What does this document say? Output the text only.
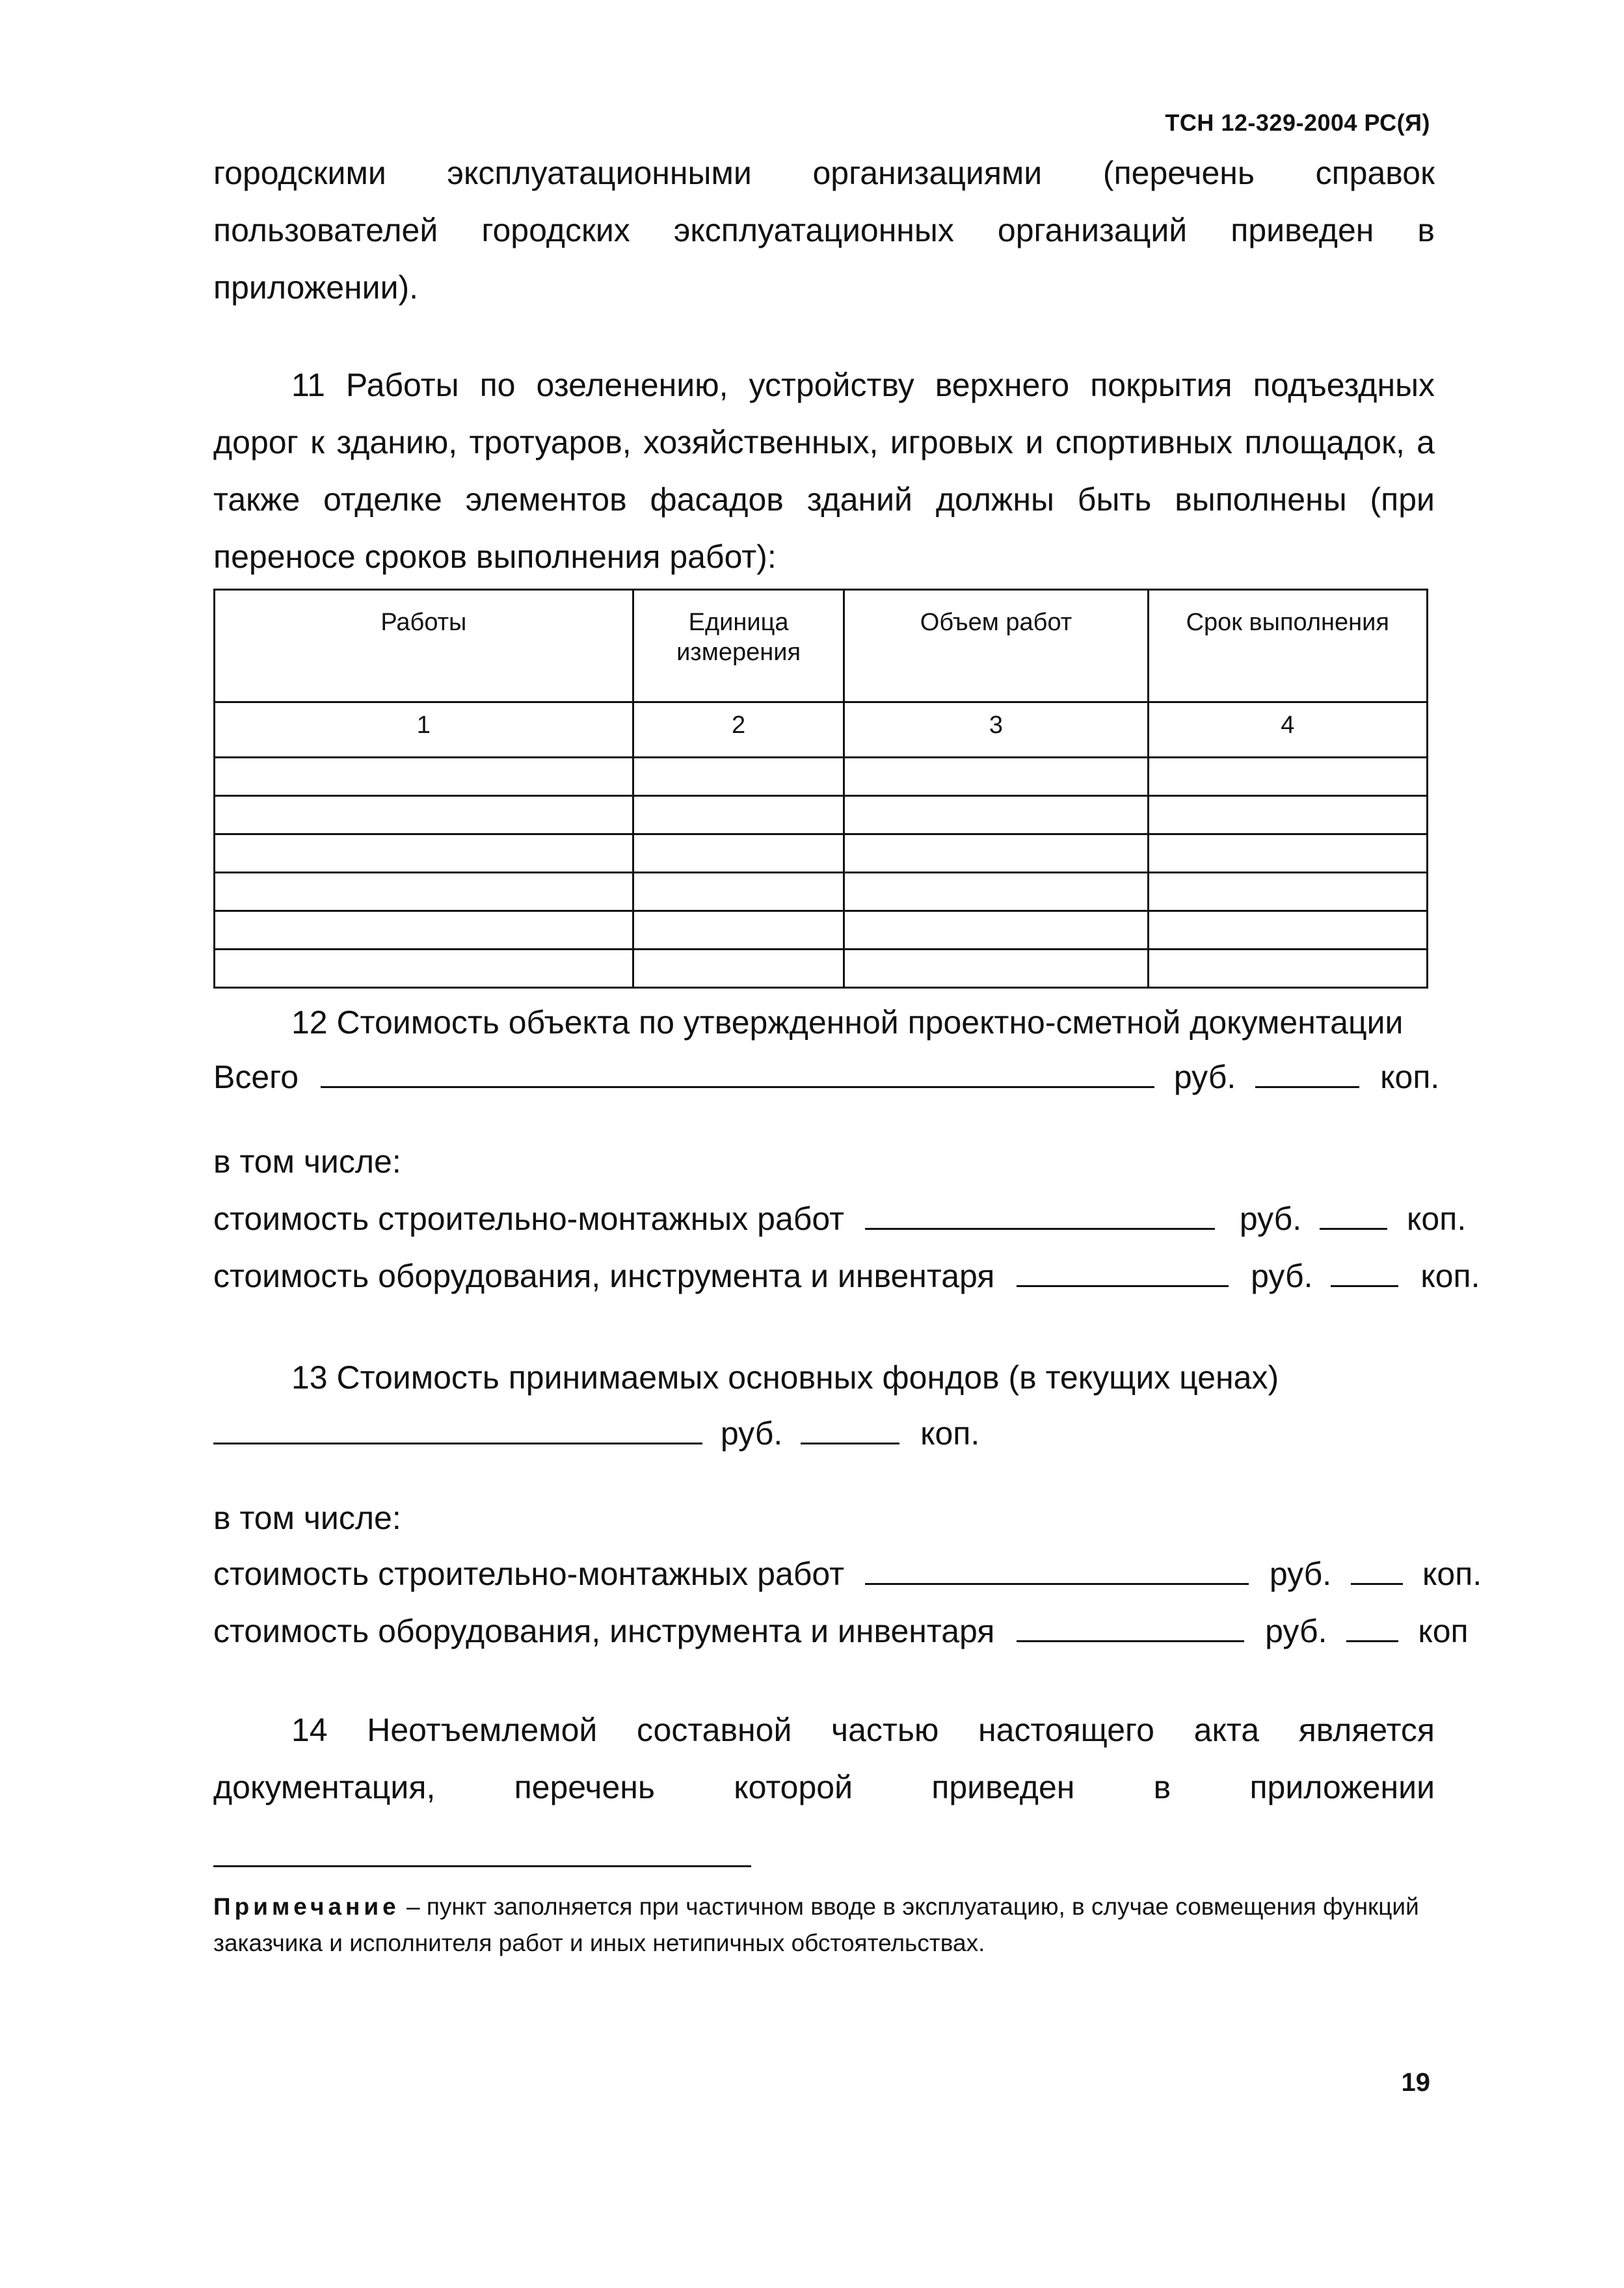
ТСН 12-329-2004 РС(Я)
городскими эксплуатационными организациями (перечень справок
пользователей городских эксплуатационных организаций приведен в
приложении).
11 Работы по озеленению, устройству верхнего покрытия подъездных
дорог к зданию, тротуаров, хозяйственных, игровых и спортивных площадок, а
также отделке элементов фасадов зданий должны быть выполнены (при
переносе сроков выполнения работ):
Работы	Единица измерения	Объем работ	Срок выполнения
1	2	3	4

12 Стоимость объекта по утвержденной проектно-сметной документации
Всего	руб.	коп.
в том числе:
стоимость строительно-монтажных работ	руб.	коп.
стоимость оборудования, инструмента и инвентаря	руб.	коп.
13 Стоимость принимаемых основных фондов (в текущих ценах)
руб.	коп.
в том числе:
стоимость строительно-монтажных работ	руб.	коп.
стоимость оборудования, инструмента и инвентаря	руб.	коп
14 Неотъемлемой составной частью настоящего акта является
документация, перечень которой приведен в приложении
Примечание – пункт заполняется при частичном вводе в эксплуатацию, в случае совмещения функций заказчика и исполнителя работ и иных нетипичных обстоятельствах.
19
